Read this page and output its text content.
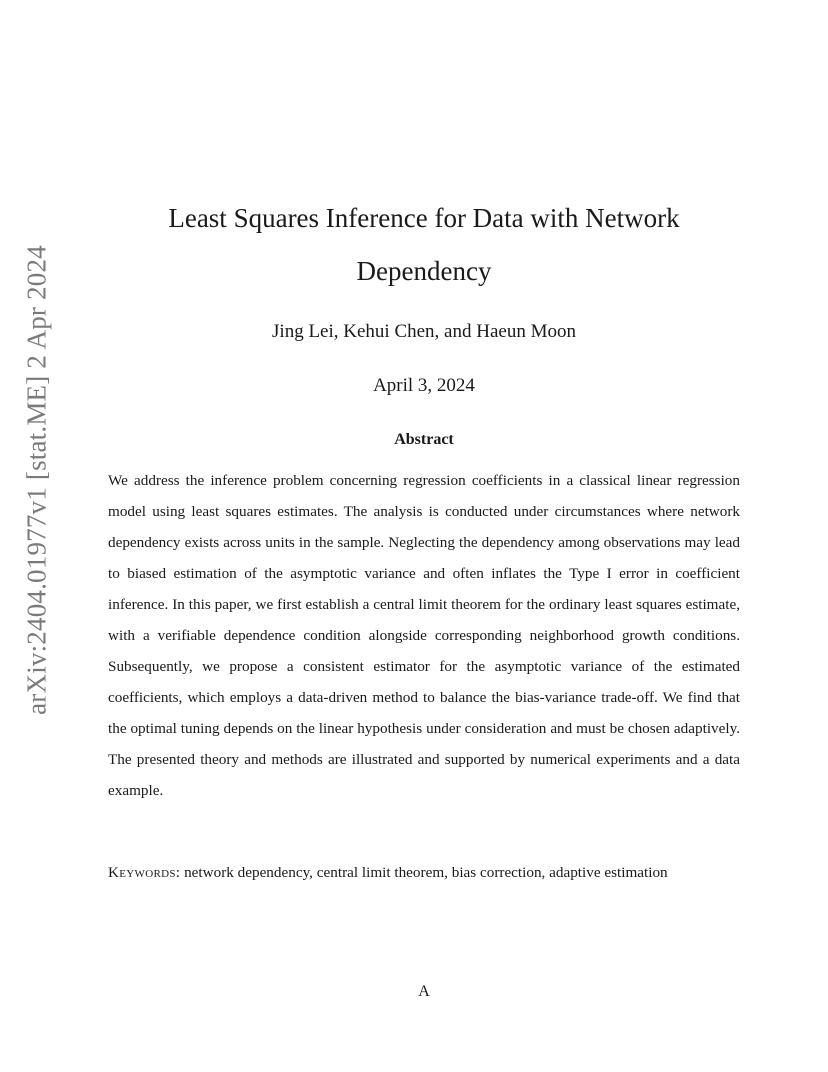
arXiv:2404.01977v1 [stat.ME] 2 Apr 2024
Least Squares Inference for Data with Network Dependency
Jing Lei, Kehui Chen, and Haeun Moon
April 3, 2024
Abstract

We address the inference problem concerning regression coefficients in a classical linear regression model using least squares estimates. The analysis is conducted under circumstances where network dependency exists across units in the sample. Neglecting the dependency among observations may lead to biased estimation of the asymptotic variance and often inflates the Type I error in coefficient inference. In this paper, we first establish a central limit theorem for the ordinary least squares estimate, with a verifiable dependence condition alongside corresponding neighborhood growth conditions. Subsequently, we propose a consistent estimator for the asymptotic variance of the estimated coefficients, which employs a data-driven method to balance the bias-variance trade-off. We find that the optimal tuning depends on the linear hypothesis under consideration and must be chosen adaptively. The presented theory and methods are illustrated and supported by numerical experiments and a data example.

Keywords: network dependency, central limit theorem, bias correction, adaptive estimation

A
